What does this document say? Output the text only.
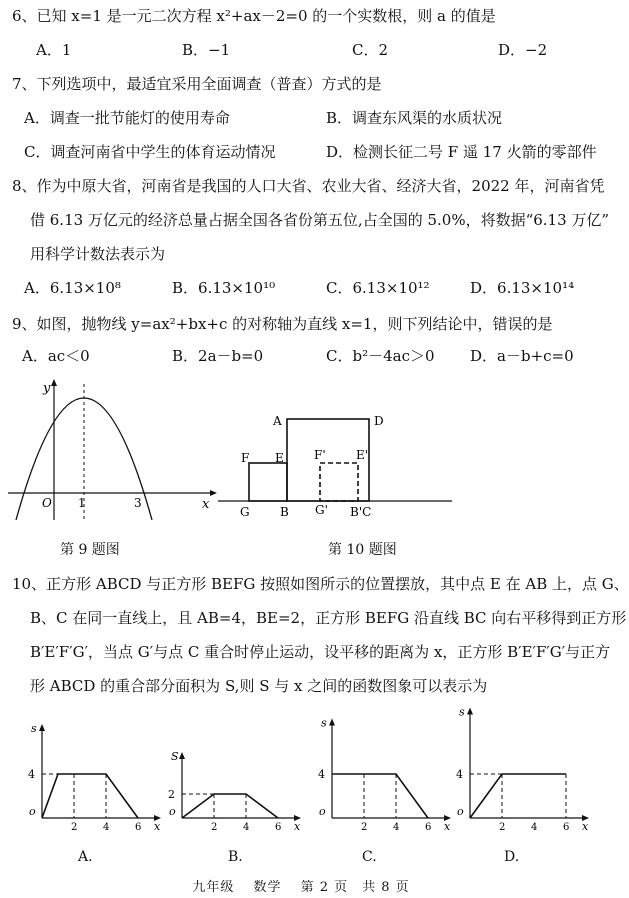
6、已知 x=1 是一元二次方程 x²+ax－2=0 的一个实数根，则 a 的值是
A．1	B．−1	C．2	D．−2
7、下列选项中，最适宜采用全面调查（普查）方式的是
A．调查一批节能灯的使用寿命	B．调查东风渠的水质状况
C．调查河南省中学生的体育运动情况	D．检测长征二号 F 遥 17 火箭的零部件
8、作为中原大省，河南省是我国的人口大省、农业大省、经济大省，2022 年，河南省凭
借 6.13 万亿元的经济总量占据全国各省份第五位,占全国的 5.0%，将数据“6.13 万亿”
用科学计数法表示为
A．6.13×10⁸	B．6.13×10¹⁰	C．6.13×10¹²	D．6.13×10¹⁴
9、如图，抛物线 y=ax²+bx+c 的对称轴为直线 x=1，则下列结论中，错误的是
A．ac＜0	B．2a－b=0	C．b²－4ac＞0 D．a－b+c=0
y
x
O 1	3
第 9 题图
A	D
F E	F'	E'
G	B G' B'C
第 10 题图
10、正方形 ABCD 与正方形 BEFG 按照如图所示的位置摆放，其中点 E 在 AB 上，点 G、
B、C 在同一直线上，且 AB=4，BE=2，正方形 BEFG 沿直线 BC 向右平移得到正方形
B′E′F′G′，当点 G′与点 C 重合时停止运动，设平移的距离为 x，正方形 B′E′F′G′与正方
形 ABCD 的重合部分面积为 S,则 S 与 x 之间的函数图象可以表示为
4
2	4	6
o
s
x
2
2	4	6
o
S
x
4
2	4	6
o
s
x
4
2	4	6
o
s
x
A.	B.	C.	D.
九年级　 数学　 第 2 页　共 8 页
